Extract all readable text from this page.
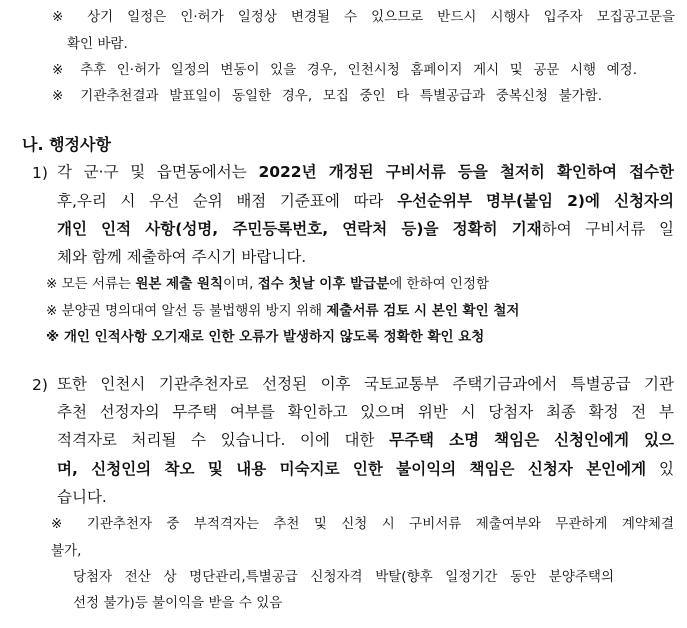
※ 상기 일정은 인·허가 일정상 변경될 수 있으므로 반드시 시행사 입주자 모집공고문을
확인 바람.
※ 추후 인·허가 일정의 변동이 있을 경우, 인천시청 홈페이지 게시 및 공문 시행 예정.
※ 기관추천결과 발표일이 동일한 경우, 모집 중인 타 특별공급과 중복신청 불가함.
나. 행정사항
1) 각 군·구 및 읍면동에서는 2022년 개정된 구비서류 등을 철저히 확인하여 접수한
후,우리 시 우선 순위 배점 기준표에 따라 우선순위부 명부(붙임 2)에 신청자의
개인 인적 사항(성명, 주민등록번호, 연락처 등)을 정확히 기재하여 구비서류 일
체와 함께 제출하여 주시기 바랍니다.
※ 모든 서류는 원본 제출 원칙이며, 접수 첫날 이후 발급분에 한하여 인정함
※ 분양권 명의대여 알선 등 불법행위 방지 위해 제출서류 검토 시 본인 확인 철저
※ 개인 인적사항 오기재로 인한 오류가 발생하지 않도록 정확한 확인 요청
2) 또한 인천시 기관추천자로 선정된 이후 국토교통부 주택기금과에서 특별공급 기관
추천 선정자의 무주택 여부를 확인하고 있으며 위반 시 당첨자 최종 확정 전 부
적격자로 처리될 수 있습니다. 이에 대한 무주택 소명 책임은 신청인에게 있으
며, 신청인의 착오 및 내용 미숙지로 인한 불이익의 책임은 신청자 본인에게 있
습니다.
※ 기관추천자 중 부적격자는 추천 및 신청 시 구비서류 제출여부와 무관하게 계약체결
불가,
당첨자 전산 상 명단관리,특별공급 신청자격 박탈(향후 일정기간 동안 분양주택의
선정 불가)등 불이익을 받을 수 있음
